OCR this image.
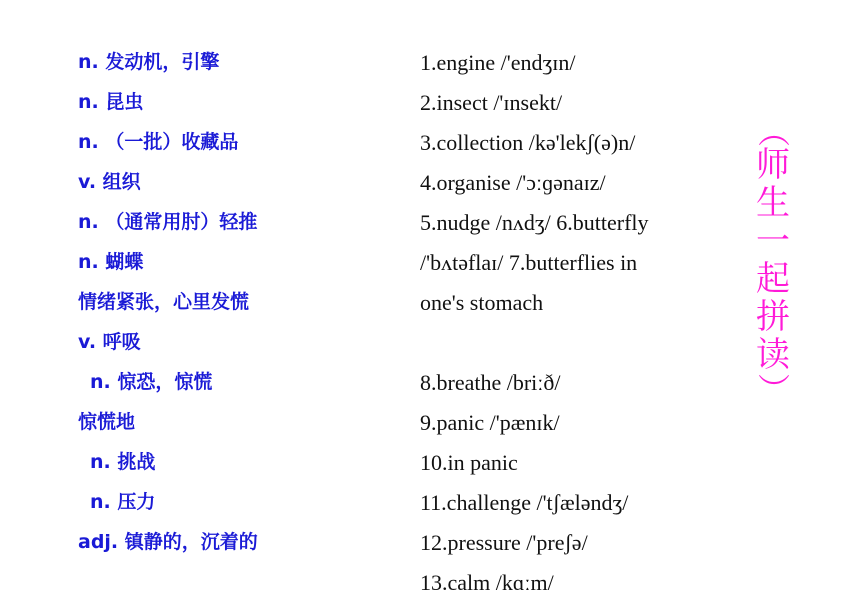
n. 发动机，引擎
n. 昆虫
n. （一批）收藏品
v. 组织
n. （通常用肘）轻推
n. 蝴蝶
情绪紧张，心里发慌
v. 呼吸
n. 惊恐，惊慌
惊慌地
n. 挑战
n. 压力
adj. 镇静的，沉着的
1.engine /'endʒɪn/
2.insect /'ɪnsekt/
3.collection /kə'lekʃ(ə)n/
4.organise /'ɔːɡənaɪz/
5.nudge /nʌdʒ/ 6.butterfly
/'bʌtəflaɪ/ 7.butterflies in
one's stomach
8.breathe /briːð/
9.panic /'pænɪk/
10.in panic
11.challenge /'tʃæləndʒ/
12.pressure /'preʃə/
13.calm /kɑːm/
（
师
生
一
起
拼
读
）
